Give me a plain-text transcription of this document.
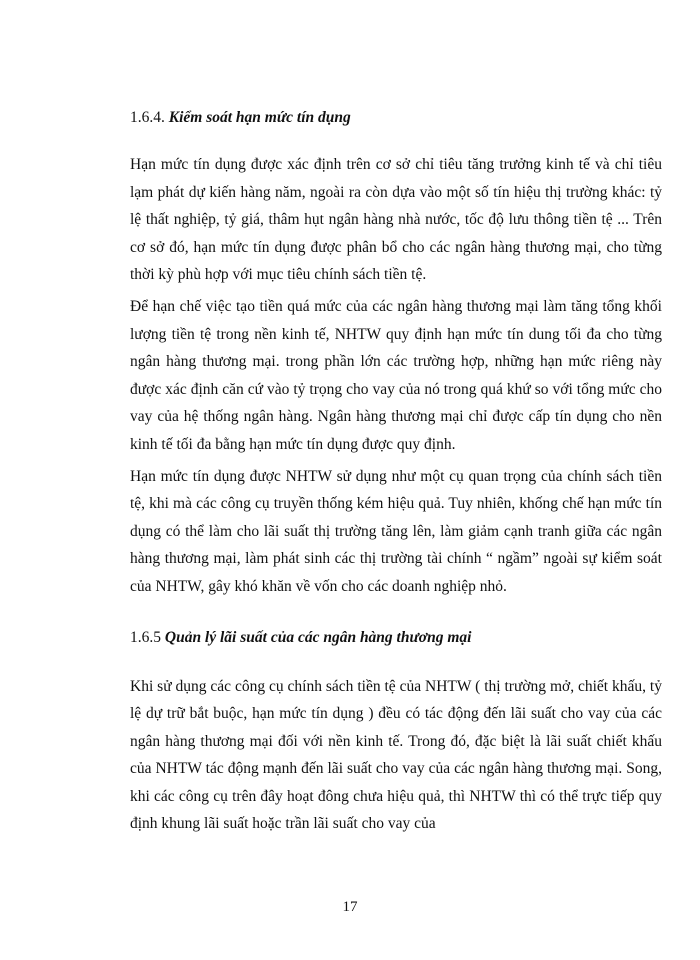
1.6.4. Kiểm soát hạn mức tín dụng

Hạn mức tín dụng được xác định trên cơ sở chỉ tiêu tăng trưởng kinh tế và chỉ tiêu lạm phát dự kiến hàng năm, ngoài ra còn dựa vào một số tín hiệu thị trường khác: tỷ lệ thất nghiệp, tỷ giá, thâm hụt ngân hàng nhà nước, tốc độ lưu thông tiền tệ ... Trên cơ sở đó, hạn mức tín dụng được phân bổ cho các ngân hàng thương mại, cho từng thời kỳ phù hợp với mục tiêu chính sách tiền tệ.

Để hạn chế việc tạo tiền quá mức của các ngân hàng thương mại làm tăng tổng khối lượng tiền tệ trong nền kinh tế, NHTW quy định hạn mức tín dung tối đa cho từng ngân hàng thương mại. trong phần lớn các trường hợp, những hạn mức riêng này được xác định căn cứ vào tỷ trọng cho vay của nó trong quá khứ so với tổng mức cho vay của hệ thống ngân hàng. Ngân hàng thương mại chỉ được cấp tín dụng cho nền kinh tế tối đa bằng hạn mức tín dụng được quy định.

Hạn mức tín dụng được NHTW sử dụng như một cụ quan trọng của chính sách tiền tệ, khi mà các công cụ truyền thống kém hiệu quả. Tuy nhiên, khống chế hạn mức tín dụng có thể làm cho lãi suất thị trường tăng lên, làm giảm cạnh tranh giữa các ngân hàng thương mại, làm phát sinh các thị trường tài chính “ ngầm” ngoài sự kiểm soát của NHTW, gây khó khăn về vốn cho các doanh nghiệp nhỏ.

1.6.5 Quản lý lãi suất của các ngân hàng thương mại

Khi sử dụng các công cụ chính sách tiền tệ của NHTW ( thị trường mở, chiết khấu, tỷ lệ dự trữ bắt buộc, hạn mức tín dụng ) đều có tác động đến lãi suất cho vay của các ngân hàng thương mại đối với nền kinh tế. Trong đó, đặc biệt là lãi suất chiết khấu của NHTW tác động mạnh đến lãi suất cho vay của các ngân hàng thương mại. Song, khi các công cụ trên đây hoạt đông chưa hiệu quả, thì NHTW thì có thể trực tiếp quy định khung lãi suất hoặc trần lãi suất cho vay của

17
